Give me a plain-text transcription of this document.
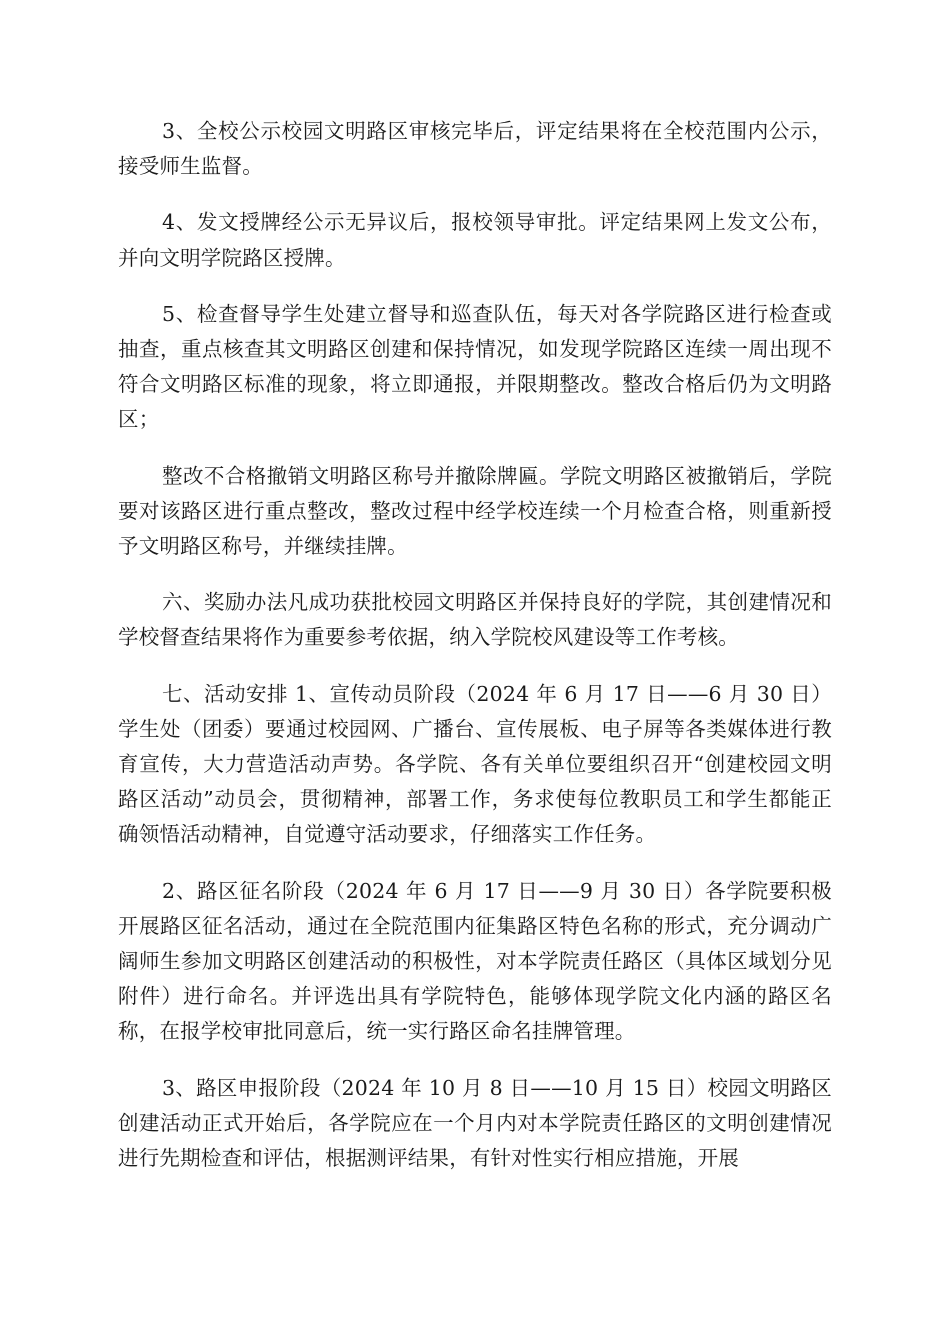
3、全校公示校园文明路区审核完毕后，评定结果将在全校范围内公示，接受师生监督。

4、发文授牌经公示无异议后，报校领导审批。评定结果网上发文公布，并向文明学院路区授牌。

5、检查督导学生处建立督导和巡查队伍，每天对各学院路区进行检查或抽查，重点核查其文明路区创建和保持情况，如发现学院路区连续一周出现不符合文明路区标准的现象，将立即通报，并限期整改。整改合格后仍为文明路区；

整改不合格撤销文明路区称号并撤除牌匾。学院文明路区被撤销后，学院要对该路区进行重点整改，整改过程中经学校连续一个月检查合格，则重新授予文明路区称号，并继续挂牌。

六、奖励办法凡成功获批校园文明路区并保持良好的学院，其创建情况和学校督查结果将作为重要参考依据，纳入学院校风建设等工作考核。

七、活动安排 1、宣传动员阶段（2024 年 6 月 17 日——6 月 30 日）学生处（团委）要通过校园网、广播台、宣传展板、电子屏等各类媒体进行教育宣传，大力营造活动声势。各学院、各有关单位要组织召开“创建校园文明路区活动”动员会，贯彻精神，部署工作，务求使每位教职员工和学生都能正确领悟活动精神，自觉遵守活动要求，仔细落实工作任务。

2、路区征名阶段（2024 年 6 月 17 日——9 月 30 日）各学院要积极开展路区征名活动，通过在全院范围内征集路区特色名称的形式，充分调动广阔师生参加文明路区创建活动的积极性，对本学院责任路区（具体区域划分见附件）进行命名。并评选出具有学院特色，能够体现学院文化内涵的路区名称，在报学校审批同意后，统一实行路区命名挂牌管理。

3、路区申报阶段（2024 年 10 月 8 日——10 月 15 日）校园文明路区创建活动正式开始后，各学院应在一个月内对本学院责任路区的文明创建情况进行先期检查和评估，根据测评结果，有针对性实行相应措施，开展
